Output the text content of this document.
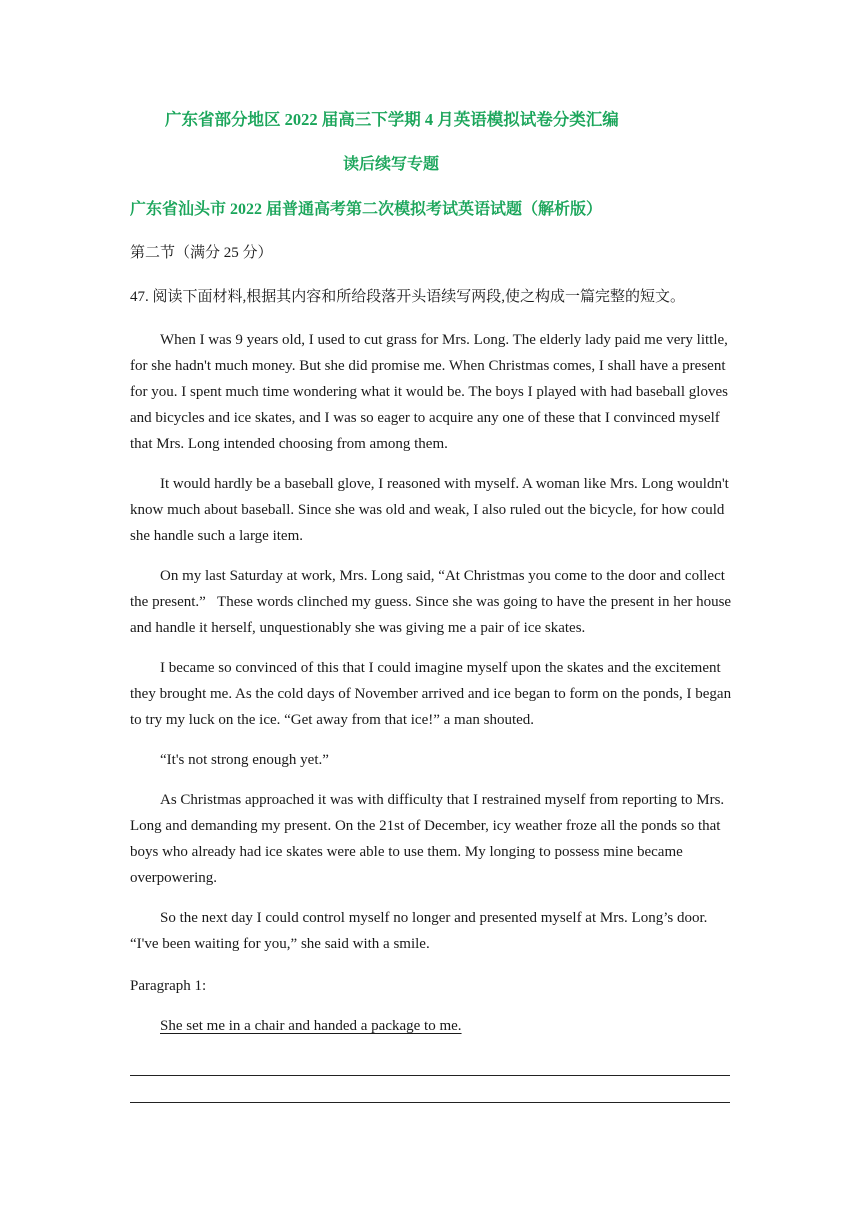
广东省部分地区 2022 届高三下学期 4 月英语模拟试卷分类汇编
读后续写专题
广东省汕头市 2022 届普通高考第二次模拟考试英语试题（解析版）
第二节（满分 25 分）
47. 阅读下面材料,根据其内容和所给段落开头语续写两段,使之构成一篇完整的短文。

When I was 9 years old, I used to cut grass for Mrs. Long. The elderly lady paid me very little, for she hadn't much money. But she did promise me. When Christmas comes, I shall have a present for you. I spent much time wondering what it would be. The boys I played with had baseball gloves and bicycles and ice skates, and I was so eager to acquire any one of these that I convinced myself that Mrs. Long intended choosing from among them.

It would hardly be a baseball glove, I reasoned with myself. A woman like Mrs. Long wouldn't know much about baseball. Since she was old and weak, I also ruled out the bicycle, for how could she handle such a large item.

On my last Saturday at work, Mrs. Long said, “At Christmas you come to the door and collect the present.”   These words clinched my guess. Since she was going to have the present in her house and handle it herself, unquestionably she was giving me a pair of ice skates.

I became so convinced of this that I could imagine myself upon the skates and the excitement they brought me. As the cold days of November arrived and ice began to form on the ponds, I began to try my luck on the ice. “Get away from that ice!” a man shouted.

“It's not strong enough yet.”

As Christmas approached it was with difficulty that I restrained myself from reporting to Mrs. Long and demanding my present. On the 21st of December, icy weather froze all the ponds so that boys who already had ice skates were able to use them. My longing to possess mine became overpowering.

So the next day I could control myself no longer and presented myself at Mrs. Long’s door. “I've been waiting for you,” she said with a smile.

Paragraph 1:
She set me in a chair and handed a package to me.
